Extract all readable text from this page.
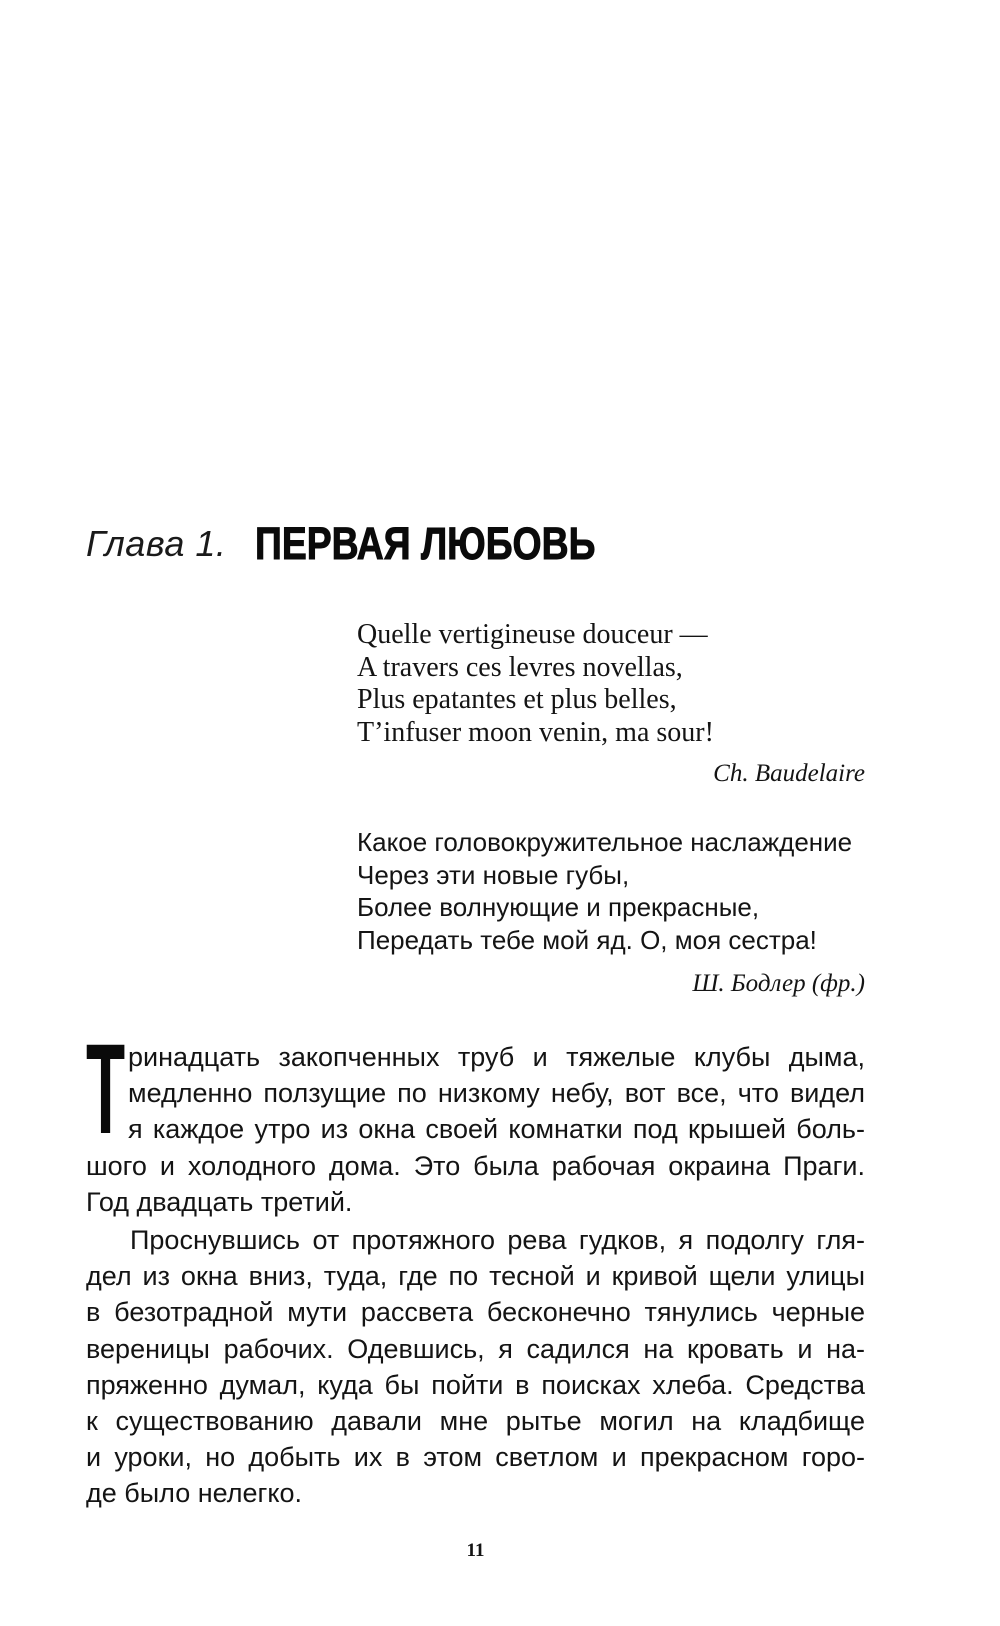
Глава 1. ПЕРВАЯ ЛЮБОВЬ
Quelle vertigineuse douceur —
A travers ces levres novellas,
Plus epatantes et plus belles,
T’infuser moon venin, ma sour!
Ch. Baudelaire
Какое головокружительное наслаждение
Через эти новые губы,
Более волнующие и прекрасные,
Передать тебе мой яд. О, моя сестра!
Ш. Бодлер (фр.)
Т ринадцать закопченных труб и тяжелые клубы дыма,
медленно ползущие по низкому небу, вот все, что видел
я каждое утро из окна своей комнатки под крышей боль-
шого и холодного дома. Это была рабочая окраина Праги.
Год двадцать третий.
Проснувшись от протяжного рева гудков, я подолгу гля-
дел из окна вниз, туда, где по тесной и кривой щели улицы
в безотрадной мути рассвета бесконечно тянулись черные
вереницы рабочих. Одевшись, я садился на кровать и на-
пряженно думал, куда бы пойти в поисках хлеба. Средства
к существованию давали мне рытье могил на кладбище
и уроки, но добыть их в этом светлом и прекрасном горо-
де было нелегко.
11
